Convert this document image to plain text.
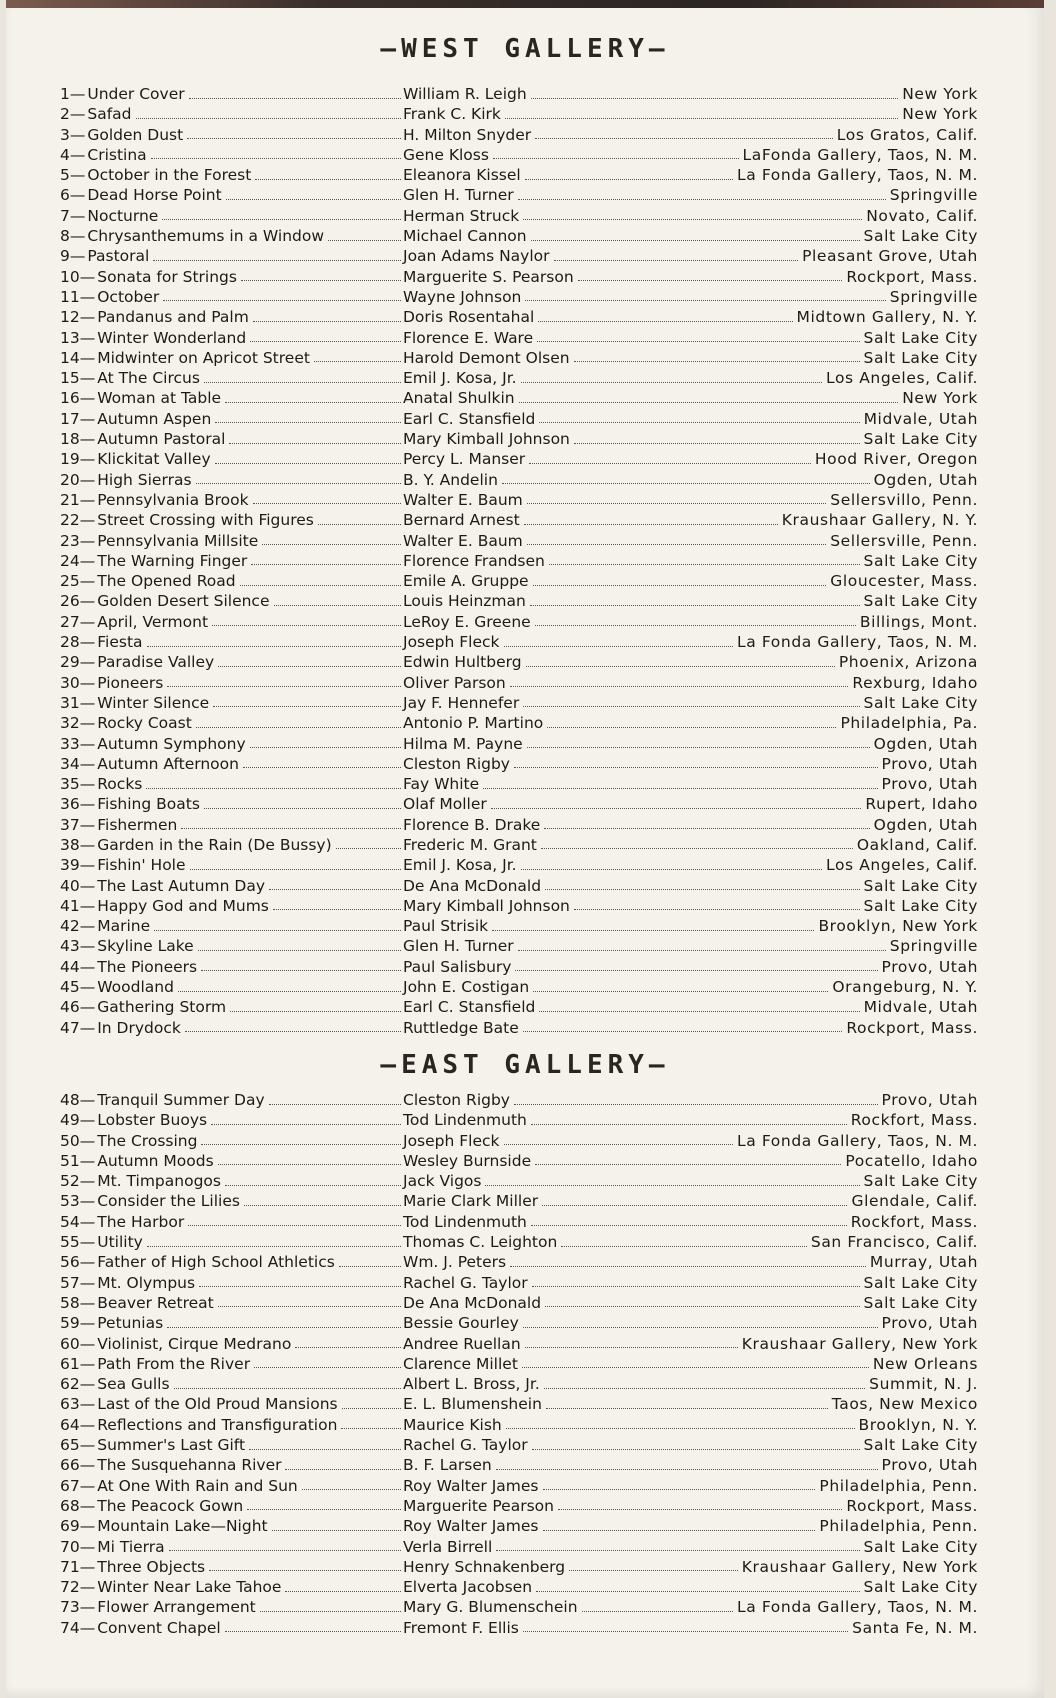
—WEST GALLERY—
1— Under Cover	William R. Leigh	New York
2— Safad	Frank C. Kirk	New York
3— Golden Dust	H. Milton Snyder	Los Gratos, Calif.
4— Cristina	Gene Kloss	LaFonda Gallery, Taos, N. M.
5— October in the Forest	Eleanora Kissel	La Fonda Gallery, Taos, N. M.
6— Dead Horse Point	Glen H. Turner	Springville
7— Nocturne	Herman Struck	Novato, Calif.
8— Chrysanthemums in a Window	Michael Cannon	Salt Lake City
9— Pastoral	Joan Adams Naylor	Pleasant Grove, Utah
10— Sonata for Strings	Marguerite S. Pearson	Rockport, Mass.
11— October	Wayne Johnson	Springville
12— Pandanus and Palm	Doris Rosentahal	Midtown Gallery, N. Y.
13— Winter Wonderland	Florence E. Ware	Salt Lake City
14— Midwinter on Apricot Street	Harold Demont Olsen	Salt Lake City
15— At The Circus	Emil J. Kosa, Jr.	Los Angeles, Calif.
16— Woman at Table	Anatal Shulkin	New York
17— Autumn Aspen	Earl C. Stansfield	Midvale, Utah
18— Autumn Pastoral	Mary Kimball Johnson	Salt Lake City
19— Klickitat Valley	Percy L. Manser	Hood River, Oregon
20— High Sierras	B. Y. Andelin	Ogden, Utah
21— Pennsylvania Brook	Walter E. Baum	Sellersvillo, Penn.
22— Street Crossing with Figures	Bernard Arnest	Kraushaar Gallery, N. Y.
23— Pennsylvania Millsite	Walter E. Baum	Sellersville, Penn.
24— The Warning Finger	Florence Frandsen	Salt Lake City
25— The Opened Road	Emile A. Gruppe	Gloucester, Mass.
26— Golden Desert Silence	Louis Heinzman	Salt Lake City
27— April, Vermont	LeRoy E. Greene	Billings, Mont.
28— Fiesta	Joseph Fleck	La Fonda Gallery, Taos, N. M.
29— Paradise Valley	Edwin Hultberg	Phoenix, Arizona
30— Pioneers	Oliver Parson	Rexburg, Idaho
31— Winter Silence	Jay F. Hennefer	Salt Lake City
32— Rocky Coast	Antonio P. Martino	Philadelphia, Pa.
33— Autumn Symphony	Hilma M. Payne	Ogden, Utah
34— Autumn Afternoon	Cleston Rigby	Provo, Utah
35— Rocks	Fay White	Provo, Utah
36— Fishing Boats	Olaf Moller	Rupert, Idaho
37— Fishermen	Florence B. Drake	Ogden, Utah
38— Garden in the Rain (De Bussy)	Frederic M. Grant	Oakland, Calif.
39— Fishin' Hole	Emil J. Kosa, Jr.	Los Angeles, Calif.
40— The Last Autumn Day	De Ana McDonald	Salt Lake City
41— Happy God and Mums	Mary Kimball Johnson	Salt Lake City
42— Marine	Paul Strisik	Brooklyn, New York
43— Skyline Lake	Glen H. Turner	Springville
44— The Pioneers	Paul Salisbury	Provo, Utah
45— Woodland	John E. Costigan	Orangeburg, N. Y.
46— Gathering Storm	Earl C. Stansfield	Midvale, Utah
47— In Drydock	Ruttledge Bate	Rockport, Mass.
—EAST GALLERY—
48— Tranquil Summer Day	Cleston Rigby	Provo, Utah
49— Lobster Buoys	Tod Lindenmuth	Rockfort, Mass.
50— The Crossing	Joseph Fleck	La Fonda Gallery, Taos, N. M.
51— Autumn Moods	Wesley Burnside	Pocatello, Idaho
52— Mt. Timpanogos	Jack Vigos	Salt Lake City
53— Consider the Lilies	Marie Clark Miller	Glendale, Calif.
54— The Harbor	Tod Lindenmuth	Rockfort, Mass.
55— Utility	Thomas C. Leighton	San Francisco, Calif.
56— Father of High School Athletics	Wm. J. Peters	Murray, Utah
57— Mt. Olympus	Rachel G. Taylor	Salt Lake City
58— Beaver Retreat	De Ana McDonald	Salt Lake City
59— Petunias	Bessie Gourley	Provo, Utah
60— Violinist, Cirque Medrano	Andree Ruellan	Kraushaar Gallery, New York
61— Path From the River	Clarence Millet	New Orleans
62— Sea Gulls	Albert L. Bross, Jr.	Summit, N. J.
63— Last of the Old Proud Mansions	E. L. Blumenshein	Taos, New Mexico
64— Reflections and Transfiguration	Maurice Kish	Brooklyn, N. Y.
65— Summer's Last Gift	Rachel G. Taylor	Salt Lake City
66— The Susquehanna River	B. F. Larsen	Provo, Utah
67— At One With Rain and Sun	Roy Walter James	Philadelphia, Penn.
68— The Peacock Gown	Marguerite Pearson	Rockport, Mass.
69— Mountain Lake—Night	Roy Walter James	Philadelphia, Penn.
70— Mi Tierra	Verla Birrell	Salt Lake City
71— Three Objects	Henry Schnakenberg	Kraushaar Gallery, New York
72— Winter Near Lake Tahoe	Elverta Jacobsen	Salt Lake City
73— Flower Arrangement	Mary G. Blumenschein	La Fonda Gallery, Taos, N. M.
74— Convent Chapel	Fremont F. Ellis	Santa Fe, N. M.
